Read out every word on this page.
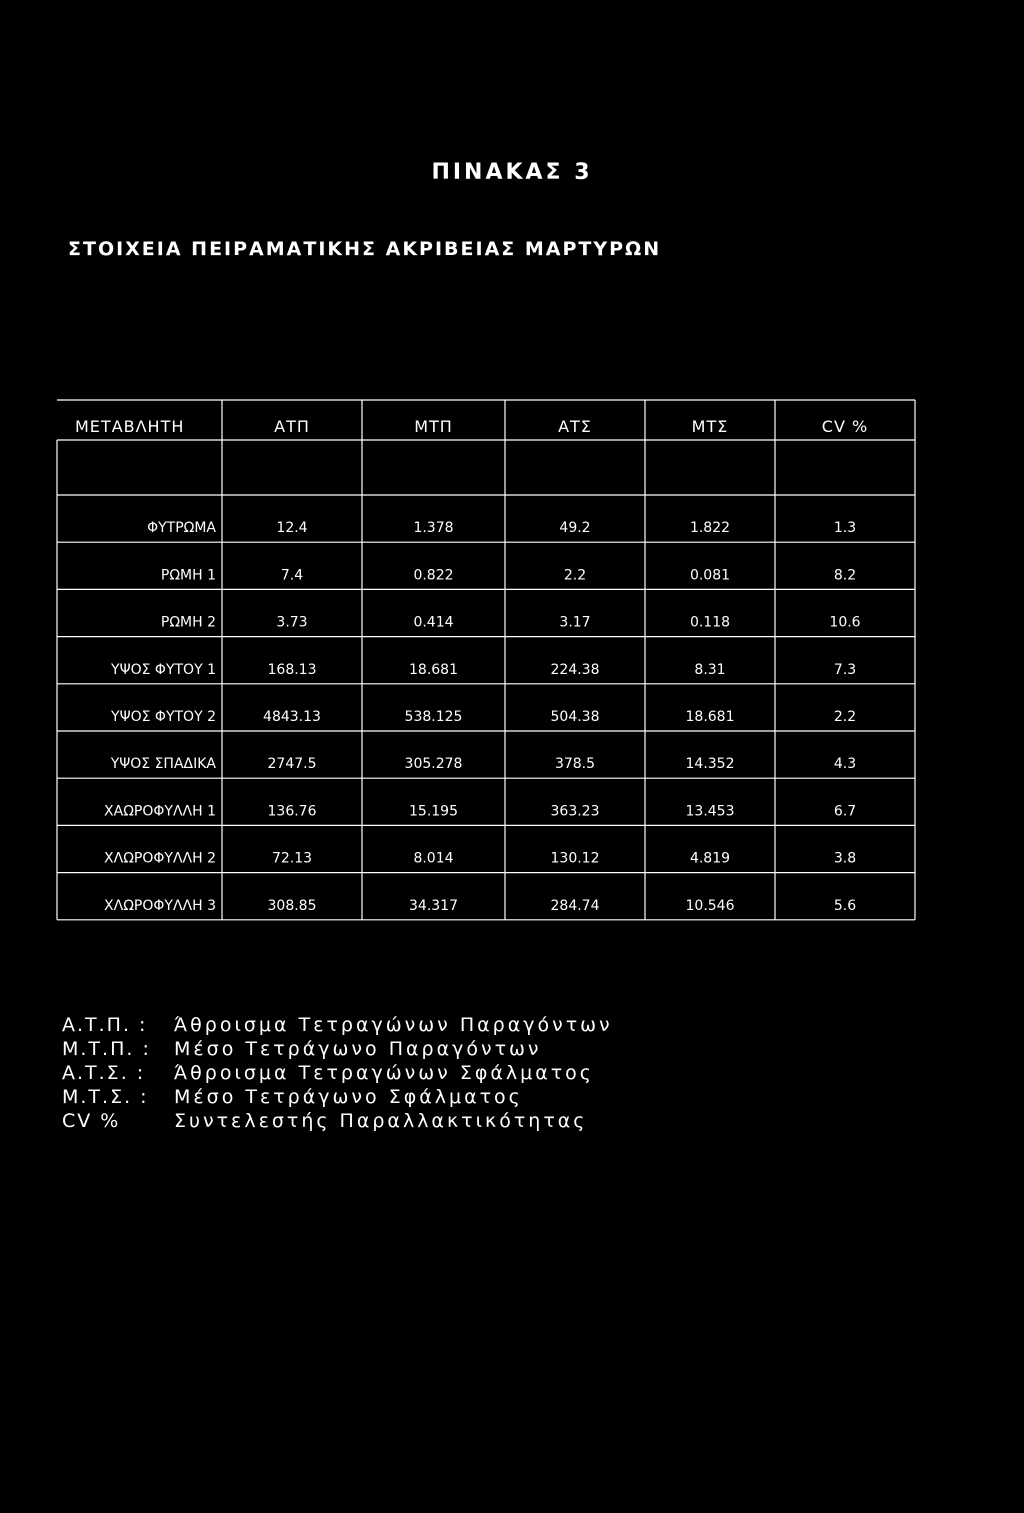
ΠΙΝΑΚΑΣ 3
ΣΤΟΙΧΕΙΑ ΠΕΙΡΑΜΑΤΙΚΗΣ ΑΚΡΙΒΕΙΑΣ ΜΑΡΤΥΡΩΝ
ΜΕΤΑΒΛΗΤΗ	ΑΤΠ	ΜΤΠ	ΑΤΣ	ΜΤΣ	CV %
ΦΥΤΡΩΜΑ	12.4	1.378	49.2	1.822	1.3
ΡΩΜΗ 1	7.4	0.822	2.2	0.081	8.2
ΡΩΜΗ 2	3.73	0.414	3.17	0.118	10.6
ΥΨΟΣ ΦΥΤΟΥ 1	168.13	18.681	224.38	8.31	7.3
ΥΨΟΣ ΦΥΤΟΥ 2	4843.13	538.125	504.38	18.681	2.2
ΥΨΟΣ ΣΠΑΔΙΚΑ	2747.5	305.278	378.5	14.352	4.3
ΧΑΩΡΟΦΥΛΛΗ 1	136.76	15.195	363.23	13.453	6.7
ΧΛΩΡΟΦΥΛΛΗ 2	72.13	8.014	130.12	4.819	3.8
ΧΛΩΡΟΦΥΛΛΗ 3	308.85	34.317	284.74	10.546	5.6
Α.Τ.Π. :	Άθροισμα Τετραγώνων Παραγόντων
Μ.Τ.Π. :	Μέσο Τετράγωνο Παραγόντων
Α.Τ.Σ. :	Άθροισμα Τετραγώνων Σφάλματος
Μ.Τ.Σ. :	Μέσο Τετράγωνο Σφάλματος
CV %	Συντελεστής Παραλλακτικότητας
